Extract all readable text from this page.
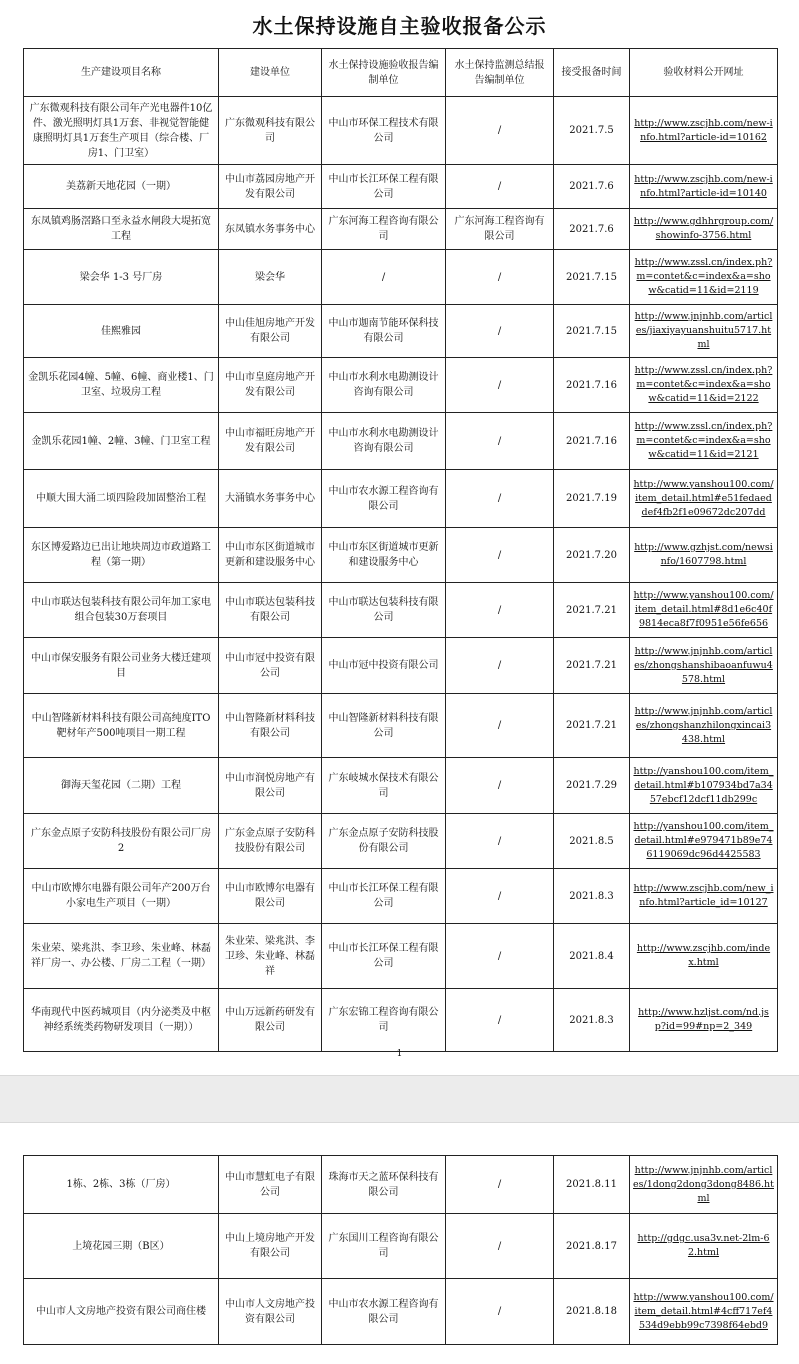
水土保持设施自主验收报备公示
生产建设项目名称	建设单位	水土保持设施验收报告编制单位	水土保持监测总结报告编制单位	接受报备时间	验收材料公开网址
广东微观科技有限公司年产光电器件10亿件、激光照明灯具1万套、非视觉智能健康照明灯具1万套生产项目（综合楼、厂房1、门卫室）	广东微观科技有限公司	中山市环保工程技术有限公司	/	2021.7.5	http://www.zscjhb.com/new-info.html?article-id=10162
美荔新天地花园（一期）	中山市荔园房地产开发有限公司	中山市长江环保工程有限公司	/	2021.7.6	http://www.zscjhb.com/new-info.html?article-id=10140
东凤镇鸡肠滘路口至永益水闸段大堤拓宽工程	东凤镇水务事务中心	广东河海工程咨询有限公司	广东河海工程咨询有限公司	2021.7.6	http://www.gdhhrgroup.com/showinfo-3756.html
梁会华 1-3 号厂房	梁会华	/	/	2021.7.15	http://www.zssl.cn/index.ph?m=contet&c=index&a=show&catid=11&id=2119
佳熙雅园	中山佳旭房地产开发有限公司	中山市迦南节能环保科技有限公司	/	2021.7.15	http://www.jnjnhb.com/articles/jiaxiyayuanshuitu5717.html
金凯乐花园4幢、5幢、6幢、商业楼1、门卫室、垃圾房工程	中山市皇庭房地产开发有限公司	中山市水利水电勘测设计咨询有限公司	/	2021.7.16	http://www.zssl.cn/index.ph?m=contet&c=index&a=show&catid=11&id=2122
金凯乐花园1幢、2幢、3幢、门卫室工程	中山市福旺房地产开发有限公司	中山市水利水电勘测设计咨询有限公司	/	2021.7.16	http://www.zssl.cn/index.ph?m=contet&c=index&a=show&catid=11&id=2121
中顺大围大涌二顷四险段加固整治工程	大涌镇水务事务中心	中山市农水源工程咨询有限公司	/	2021.7.19	http://www.yanshou100.com/item_detail.html#e51fedaeddef4fb2f1e09672dc207dd
东区博爱路边已出让地块周边市政道路工程（第一期）	中山市东区街道城市更新和建设服务中心	中山市东区街道城市更新和建设服务中心	/	2021.7.20	http://www.gzhjst.com/newsinfo/1607798.html
中山市联达包装科技有限公司年加工家电组合包装30万套项目	中山市联达包装科技有限公司	中山市联达包装科技有限公司	/	2021.7.21	http://www.yanshou100.com/item_detail.html#8d1e6c40f9814eca8f7f0951e56fe656
中山市保安服务有限公司业务大楼迁建项目	中山市冠中投资有限公司	中山市冠中投资有限公司	/	2021.7.21	http://www.jnjnhb.com/articles/zhongshanshibaoanfuwu4578.html
中山智隆新材料科技有限公司高纯度ITO靶材年产500吨项目一期工程	中山智隆新材料科技有限公司	中山智隆新材料科技有限公司	/	2021.7.21	http://www.jnjnhb.com/articles/zhongshanzhilongxincai3438.html
御海天玺花园（二期）工程	中山市润悦房地产有限公司	广东岐城水保技术有限公司	/	2021.7.29	http://yanshou100.com/item_detail.html#b107934bd7a3457ebcf12dcf11db299c
广东金点原子安防科技股份有限公司厂房2	广东金点原子安防科技股份有限公司	广东金点原子安防科技股份有限公司	/	2021.8.5	http://yanshou100.com/item_detail.html#e979471b89e746119069dc96d4425583
中山市欧博尔电器有限公司年产200万台小家电生产项目（一期）	中山市欧博尔电器有限公司	中山市长江环保工程有限公司	/	2021.8.3	http://www.zscjhb.com/new_info.html?article_id=10127
朱业荣、梁兆洪、李卫珍、朱业峰、林磊祥厂房一、办公楼、厂房二工程（一期）	朱业荣、梁兆洪、李卫珍、朱业峰、林磊祥	中山市长江环保工程有限公司	/	2021.8.4	http://www.zscjhb.com/index.html
华南现代中医药城项目（内分泌类及中枢神经系统类药物研发项目（一期））	中山万远新药研发有限公司	广东宏锦工程咨询有限公司	/	2021.8.3	http://www.hzljst.com/nd.jsp?id=99#np=2_349
1
1栋、2栋、3栋（厂房）	中山市慧虹电子有限公司	珠海市天之蓝环保科技有限公司	/	2021.8.11	http://www.jnjnhb.com/articles/1dong2dong3dong8486.html
上境花园三期（B区）	中山上境房地产开发有限公司	广东国川工程咨询有限公司	/	2021.8.17	http://gdgc.usa3v.net-2lm-62.html
中山市人文房地产投资有限公司商住楼	中山市人文房地产投资有限公司	中山市农水源工程咨询有限公司	/	2021.8.18	http://www.yanshou100.com/item_detail.html#4cff717ef4534d9ebb99c7398f64ebd9
